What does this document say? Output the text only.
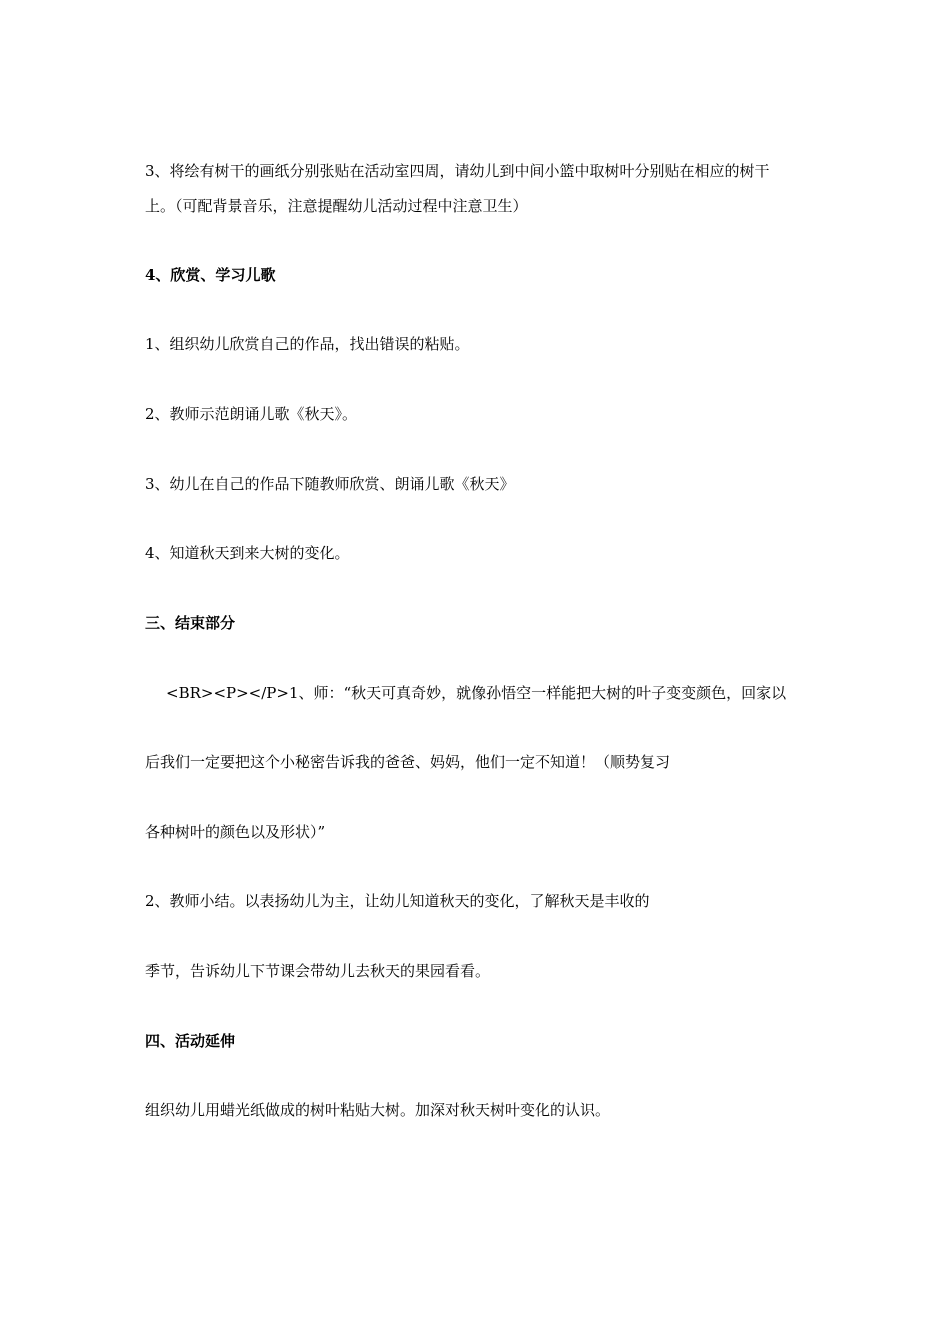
3、将绘有树干的画纸分别张贴在活动室四周，请幼儿到中间小篮中取树叶分别贴在相应的树干
上。（可配背景音乐，注意提醒幼儿活动过程中注意卫生）
4、欣赏、学习儿歌
1、组织幼儿欣赏自己的作品，找出错误的粘贴。
2、教师示范朗诵儿歌《秋天》。
3、幼儿在自己的作品下随教师欣赏、朗诵儿歌《秋天》
4、知道秋天到来大树的变化。
三、结束部分
<BR><P></P>1、师：“秋天可真奇妙，就像孙悟空一样能把大树的叶子变变颜色，回家以
后我们一定要把这个小秘密告诉我的爸爸、妈妈，他们一定不知道！（顺势复习
各种树叶的颜色以及形状）”
2、教师小结。以表扬幼儿为主，让幼儿知道秋天的变化，了解秋天是丰收的
季节，告诉幼儿下节课会带幼儿去秋天的果园看看。
四、活动延伸
组织幼儿用蜡光纸做成的树叶粘贴大树。加深对秋天树叶变化的认识。
